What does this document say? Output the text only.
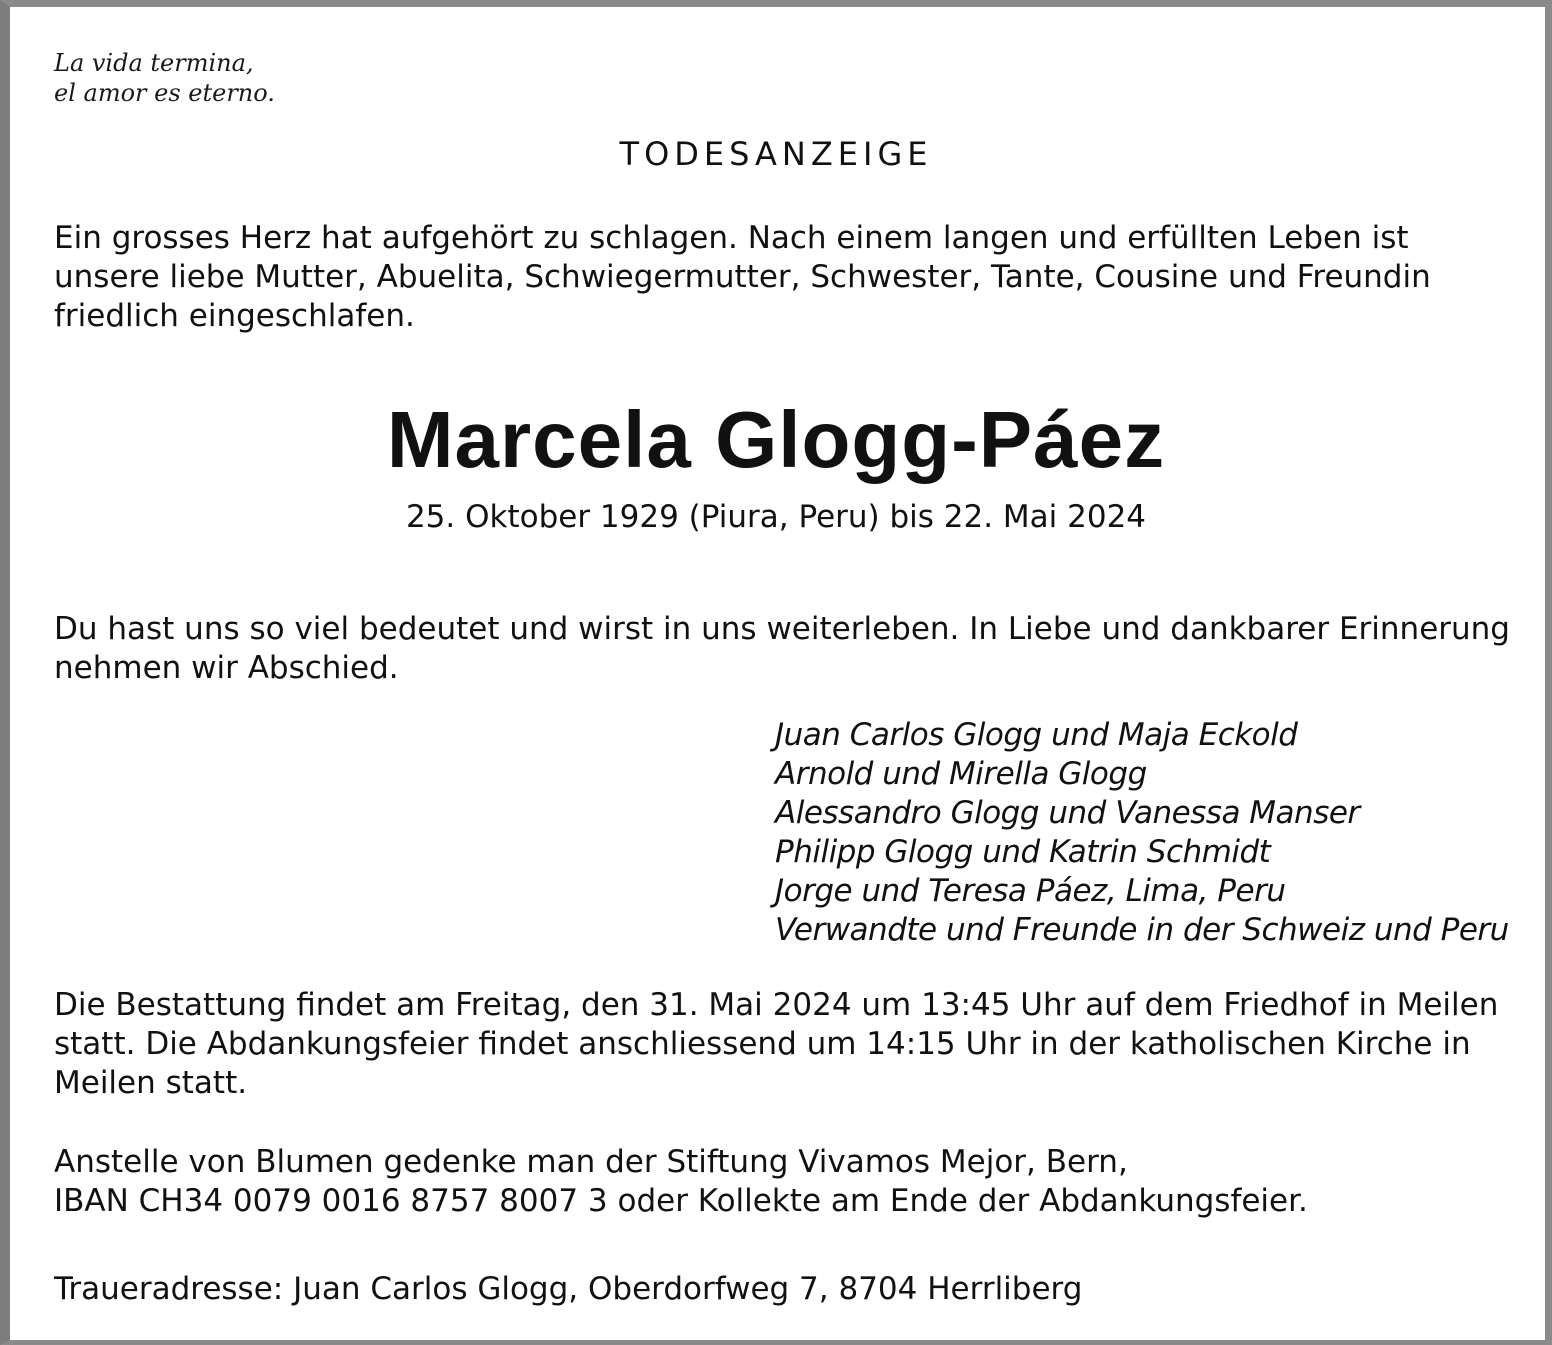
La vida termina,
el amor es eterno.

TODESANZEIGE

Ein grosses Herz hat aufgehört zu schlagen. Nach einem langen und erfüllten Leben ist unsere liebe Mutter, Abuelita, Schwiegermutter, Schwester, Tante, Cousine und Freundin friedlich eingeschlafen.

Marcela Glogg-Páez

25. Oktober 1929 (Piura, Peru) bis 22. Mai 2024

Du hast uns so viel bedeutet und wirst in uns weiterleben. In Liebe und dankbarer Erinnerung nehmen wir Abschied.

Juan Carlos Glogg und Maja Eckold
Arnold und Mirella Glogg
Alessandro Glogg und Vanessa Manser
Philipp Glogg und Katrin Schmidt
Jorge und Teresa Páez, Lima, Peru
Verwandte und Freunde in der Schweiz und Peru

Die Bestattung findet am Freitag, den 31. Mai 2024 um 13:45 Uhr auf dem Friedhof in Meilen statt. Die Abdankungsfeier findet anschliessend um 14:15 Uhr in der katholischen Kirche in Meilen statt.

Anstelle von Blumen gedenke man der Stiftung Vivamos Mejor, Bern,
IBAN CH34 0079 0016 8757 8007 3 oder Kollekte am Ende der Abdankungsfeier.

Traueradresse: Juan Carlos Glogg, Oberdorfweg 7, 8704 Herrliberg
